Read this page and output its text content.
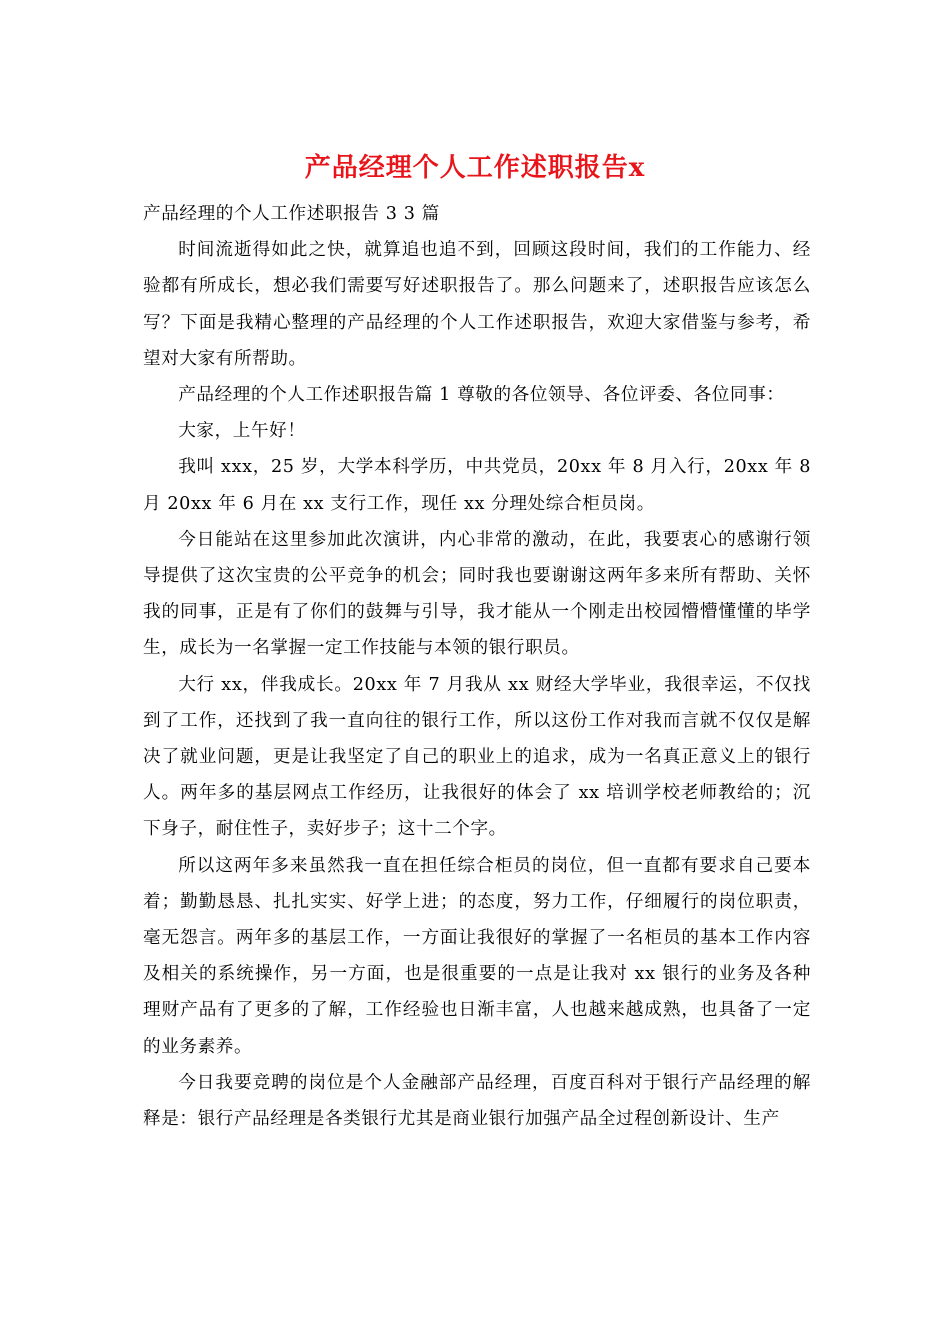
产品经理个人工作述职报告x

产品经理的个人工作述职报告 3 3 篇

时间流逝得如此之快，就算追也追不到，回顾这段时间，我们的工作能力、经验都有所成长，想必我们需要写好述职报告了。那么问题来了，述职报告应该怎么写？下面是我精心整理的产品经理的个人工作述职报告，欢迎大家借鉴与参考，希望对大家有所帮助。

产品经理的个人工作述职报告篇 1 尊敬的各位领导、各位评委、各位同事：

大家，上午好！

我叫 xxx，25 岁，大学本科学历，中共党员，20xx 年 8 月入行，20xx 年 8 月 20xx 年 6 月在 xx 支行工作，现任 xx 分理处综合柜员岗。

今日能站在这里参加此次演讲，内心非常的激动，在此，我要衷心的感谢行领导提供了这次宝贵的公平竞争的机会；同时我也要谢谢这两年多来所有帮助、关怀我的同事，正是有了你们的鼓舞与引导，我才能从一个刚走出校园懵懵懂懂的毕学生，成长为一名掌握一定工作技能与本领的银行职员。

大行 xx，伴我成长。20xx 年 7 月我从 xx 财经大学毕业，我很幸运，不仅找到了工作，还找到了我一直向往的银行工作，所以这份工作对我而言就不仅仅是解决了就业问题，更是让我坚定了自己的职业上的追求，成为一名真正意义上的银行人。两年多的基层网点工作经历，让我很好的体会了 xx 培训学校老师教给的；沉下身子，耐住性子，卖好步子；这十二个字。

所以这两年多来虽然我一直在担任综合柜员的岗位，但一直都有要求自己要本着；勤勤恳恳、扎扎实实、好学上进；的态度，努力工作，仔细履行的岗位职责，毫无怨言。两年多的基层工作，一方面让我很好的掌握了一名柜员的基本工作内容及相关的系统操作，另一方面，也是很重要的一点是让我对 xx 银行的业务及各种理财产品有了更多的了解，工作经验也日渐丰富，人也越来越成熟，也具备了一定的业务素养。

今日我要竞聘的岗位是个人金融部产品经理，百度百科对于银行产品经理的解释是：银行产品经理是各类银行尤其是商业银行加强产品全过程创新设计、生产
